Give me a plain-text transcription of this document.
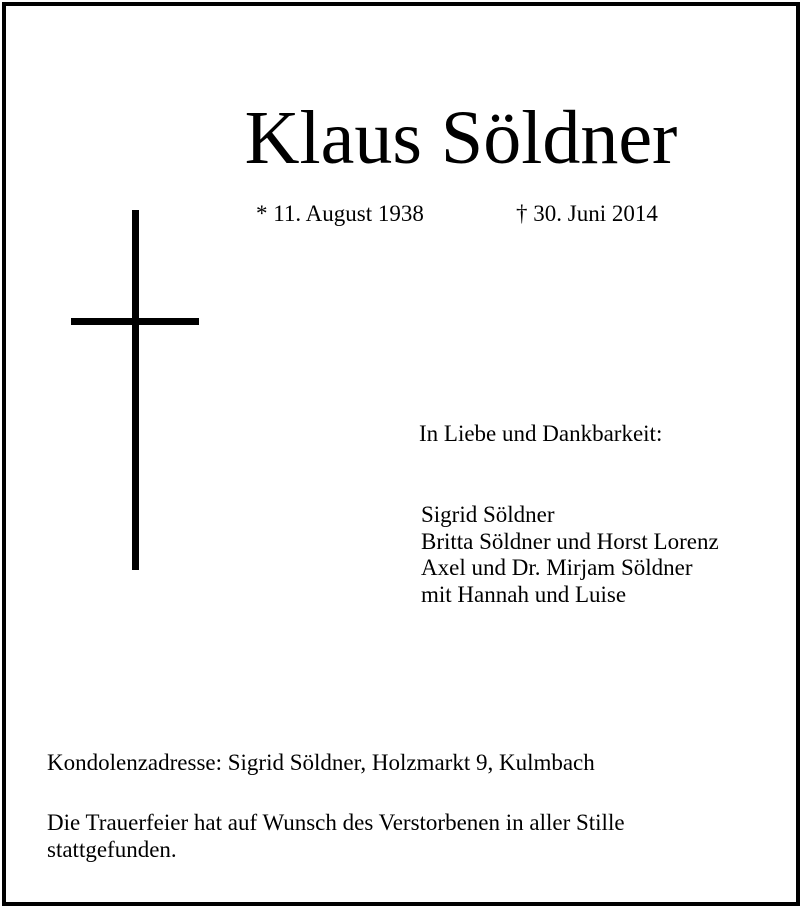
Klaus Söldner
* 11. August 1938	† 30. Juni 2014
In Liebe und Dankbarkeit:
Sigrid Söldner
Britta Söldner und Horst Lorenz
Axel und Dr. Mirjam Söldner
mit Hannah und Luise
Kondolenzadresse: Sigrid Söldner, Holzmarkt 9, Kulmbach
Die Trauerfeier hat auf Wunsch des Verstorbenen in aller Stille stattgefunden.
